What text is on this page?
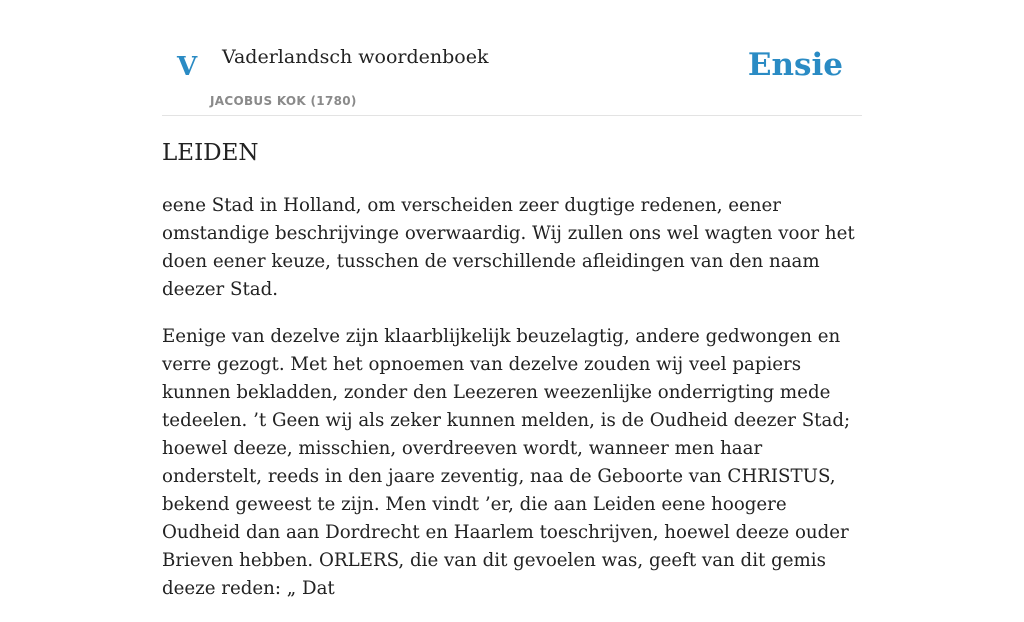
V Vaderlandsch woordenboek
JACOBUS KOK (1780)
Ensie
LEIDEN

eene Stad in Holland, om verscheiden zeer dugtige redenen, eener omstandige beschrijvinge overwaardig. Wij zullen ons wel wagten voor het doen eener keuze, tusschen de verschillende afleidingen van den naam deezer Stad.

Eenige van dezelve zijn klaarblijkelijk beuzelagtig, andere gedwongen en verre gezogt. Met het opnoemen van dezelve zouden wij veel papiers kunnen bekladden, zonder den Leezeren weezenlijke onderrigting mede tedeelen. ’t Geen wij als zeker kunnen melden, is de Oudheid deezer Stad; hoewel deeze, misschien, overdreeven wordt, wanneer men haar onderstelt, reeds in den jaare zeventig, naa de Geboorte van CHRISTUS, bekend geweest te zijn. Men vindt ’er, die aan Leiden eene hoogere Oudheid dan aan Dordrecht en Haarlem toeschrijven, hoewel deeze ouder Brieven hebben. ORLERS, die van dit gevoelen was, geeft van dit gemis deeze reden: „ Dat
